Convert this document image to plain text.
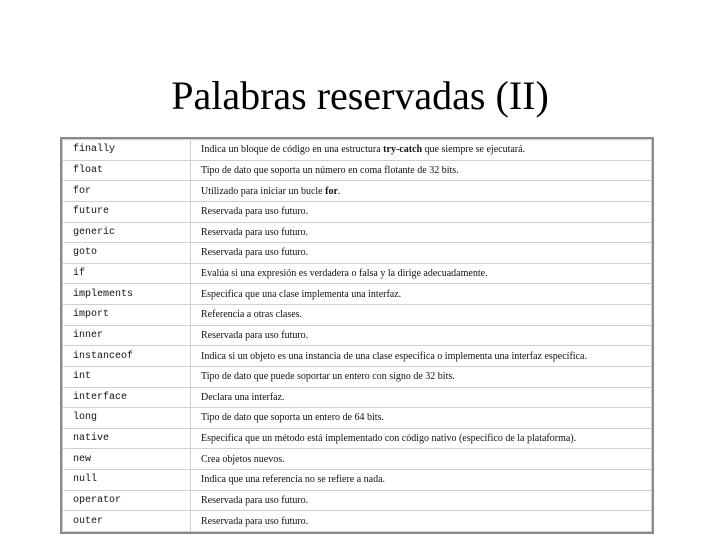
Palabras reservadas (II)
finally	Indica un bloque de código en una estructura try-catch que siempre se ejecutará.
float	Tipo de dato que soporta un número en coma flotante de 32 bits.
for	Utilizado para iniciar un bucle for.
future	Reservada para uso futuro.
generic	Reservada para uso futuro.
goto	Reservada para uso futuro.
if	Evalúa si una expresión es verdadera o falsa y la dirige adecuadamente.
implements	Especifica que una clase implementa una interfaz.
import	Referencia a otras clases.
inner	Reservada para uso futuro.
instanceof	Indica si un objeto es una instancia de una clase específica o implementa una interfaz específica.
int	Tipo de dato que puede soportar un entero con signo de 32 bits.
interface	Declara una interfaz.
long	Tipo de dato que soporta un entero de 64 bits.
native	Especifica que un método está implementado con código nativo (específico de la plataforma).
new	Crea objetos nuevos.
null	Indica que una referencia no se refiere a nada.
operator	Reservada para uso futuro.
outer	Reservada para uso futuro.
